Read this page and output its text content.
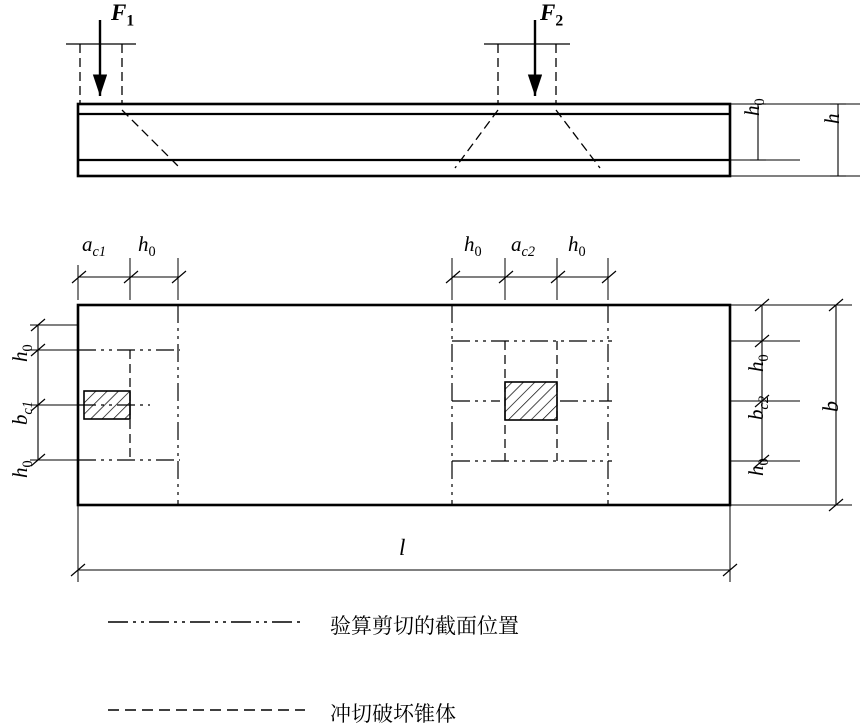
$F_1$	$F_2$
$h_0$
h
$a_{c1}$ $h_0$	$h_0$ $a_{c2}$ $h_0$
$h_0$
$b_{c1}$
$h_0$
$h_0$
$b_{c2}$
$h_0$
b
l
验算剪切的截面位置
冲切破坏锥体
